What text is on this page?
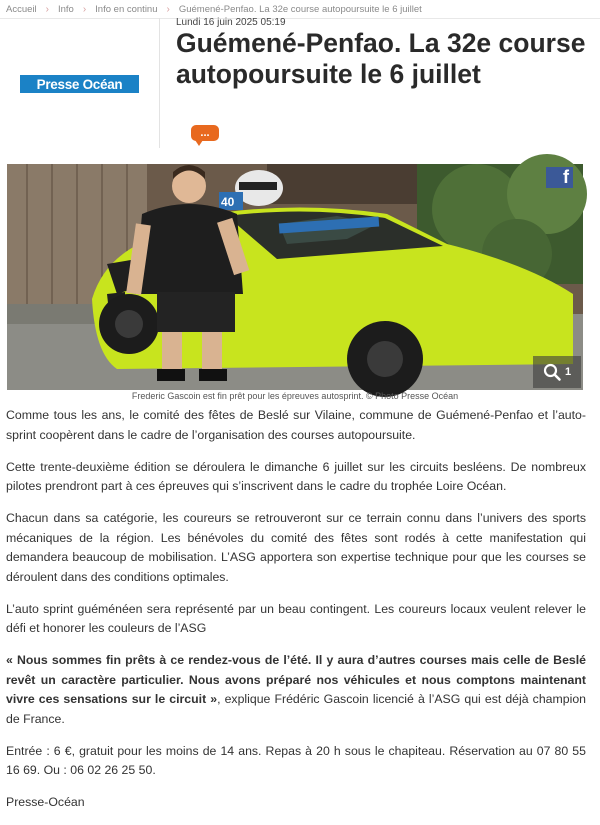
Accueil › Info › Info en continu › Guémené-Penfao. La 32e course autopoursuite le 6 juillet
Presse Océan
Lundi 16 juin 2025 05:19
Guémené-Penfao. La 32e course autopoursuite le 6 juillet
...
40
f
1
Frederic Gascoin est fin prêt pour les épreuves autosprint. © Photo Presse Océan

Comme tous les ans, le comité des fêtes de Beslé sur Vilaine, commune de Guémené-Penfao et l’auto-sprint coopèrent dans le cadre de l’organisation des courses autopoursuite.

Cette trente-deuxième édition se déroulera le dimanche 6 juillet sur les circuits besléens. De nombreux pilotes prendront part à ces épreuves qui s’inscrivent dans le cadre du trophée Loire Océan.

Chacun dans sa catégorie, les coureurs se retrouveront sur ce terrain connu dans l’univers des sports mécaniques de la région. Les bénévoles du comité des fêtes sont rodés à cette manifestation qui demandera beaucoup de mobilisation. L’ASG apportera son expertise technique pour que les courses se déroulent dans des conditions optimales.

L’auto sprint guéménéen sera représenté par un beau contingent. Les coureurs locaux veulent relever le défi et honorer les couleurs de l’ASG

« Nous sommes fin prêts à ce rendez-vous de l’été. Il y aura d’autres courses mais celle de Beslé revêt un caractère particulier. Nous avons préparé nos véhicules et nous comptons maintenant vivre ces sensations sur le circuit », explique Frédéric Gascoin licencié à l’ASG qui est déjà champion de France.

Entrée : 6 €, gratuit pour les moins de 14 ans. Repas à 20 h sous le chapiteau. Réservation au 07 80 55 16 69. Ou : 06 02 26 25 50.

Presse-Océan
